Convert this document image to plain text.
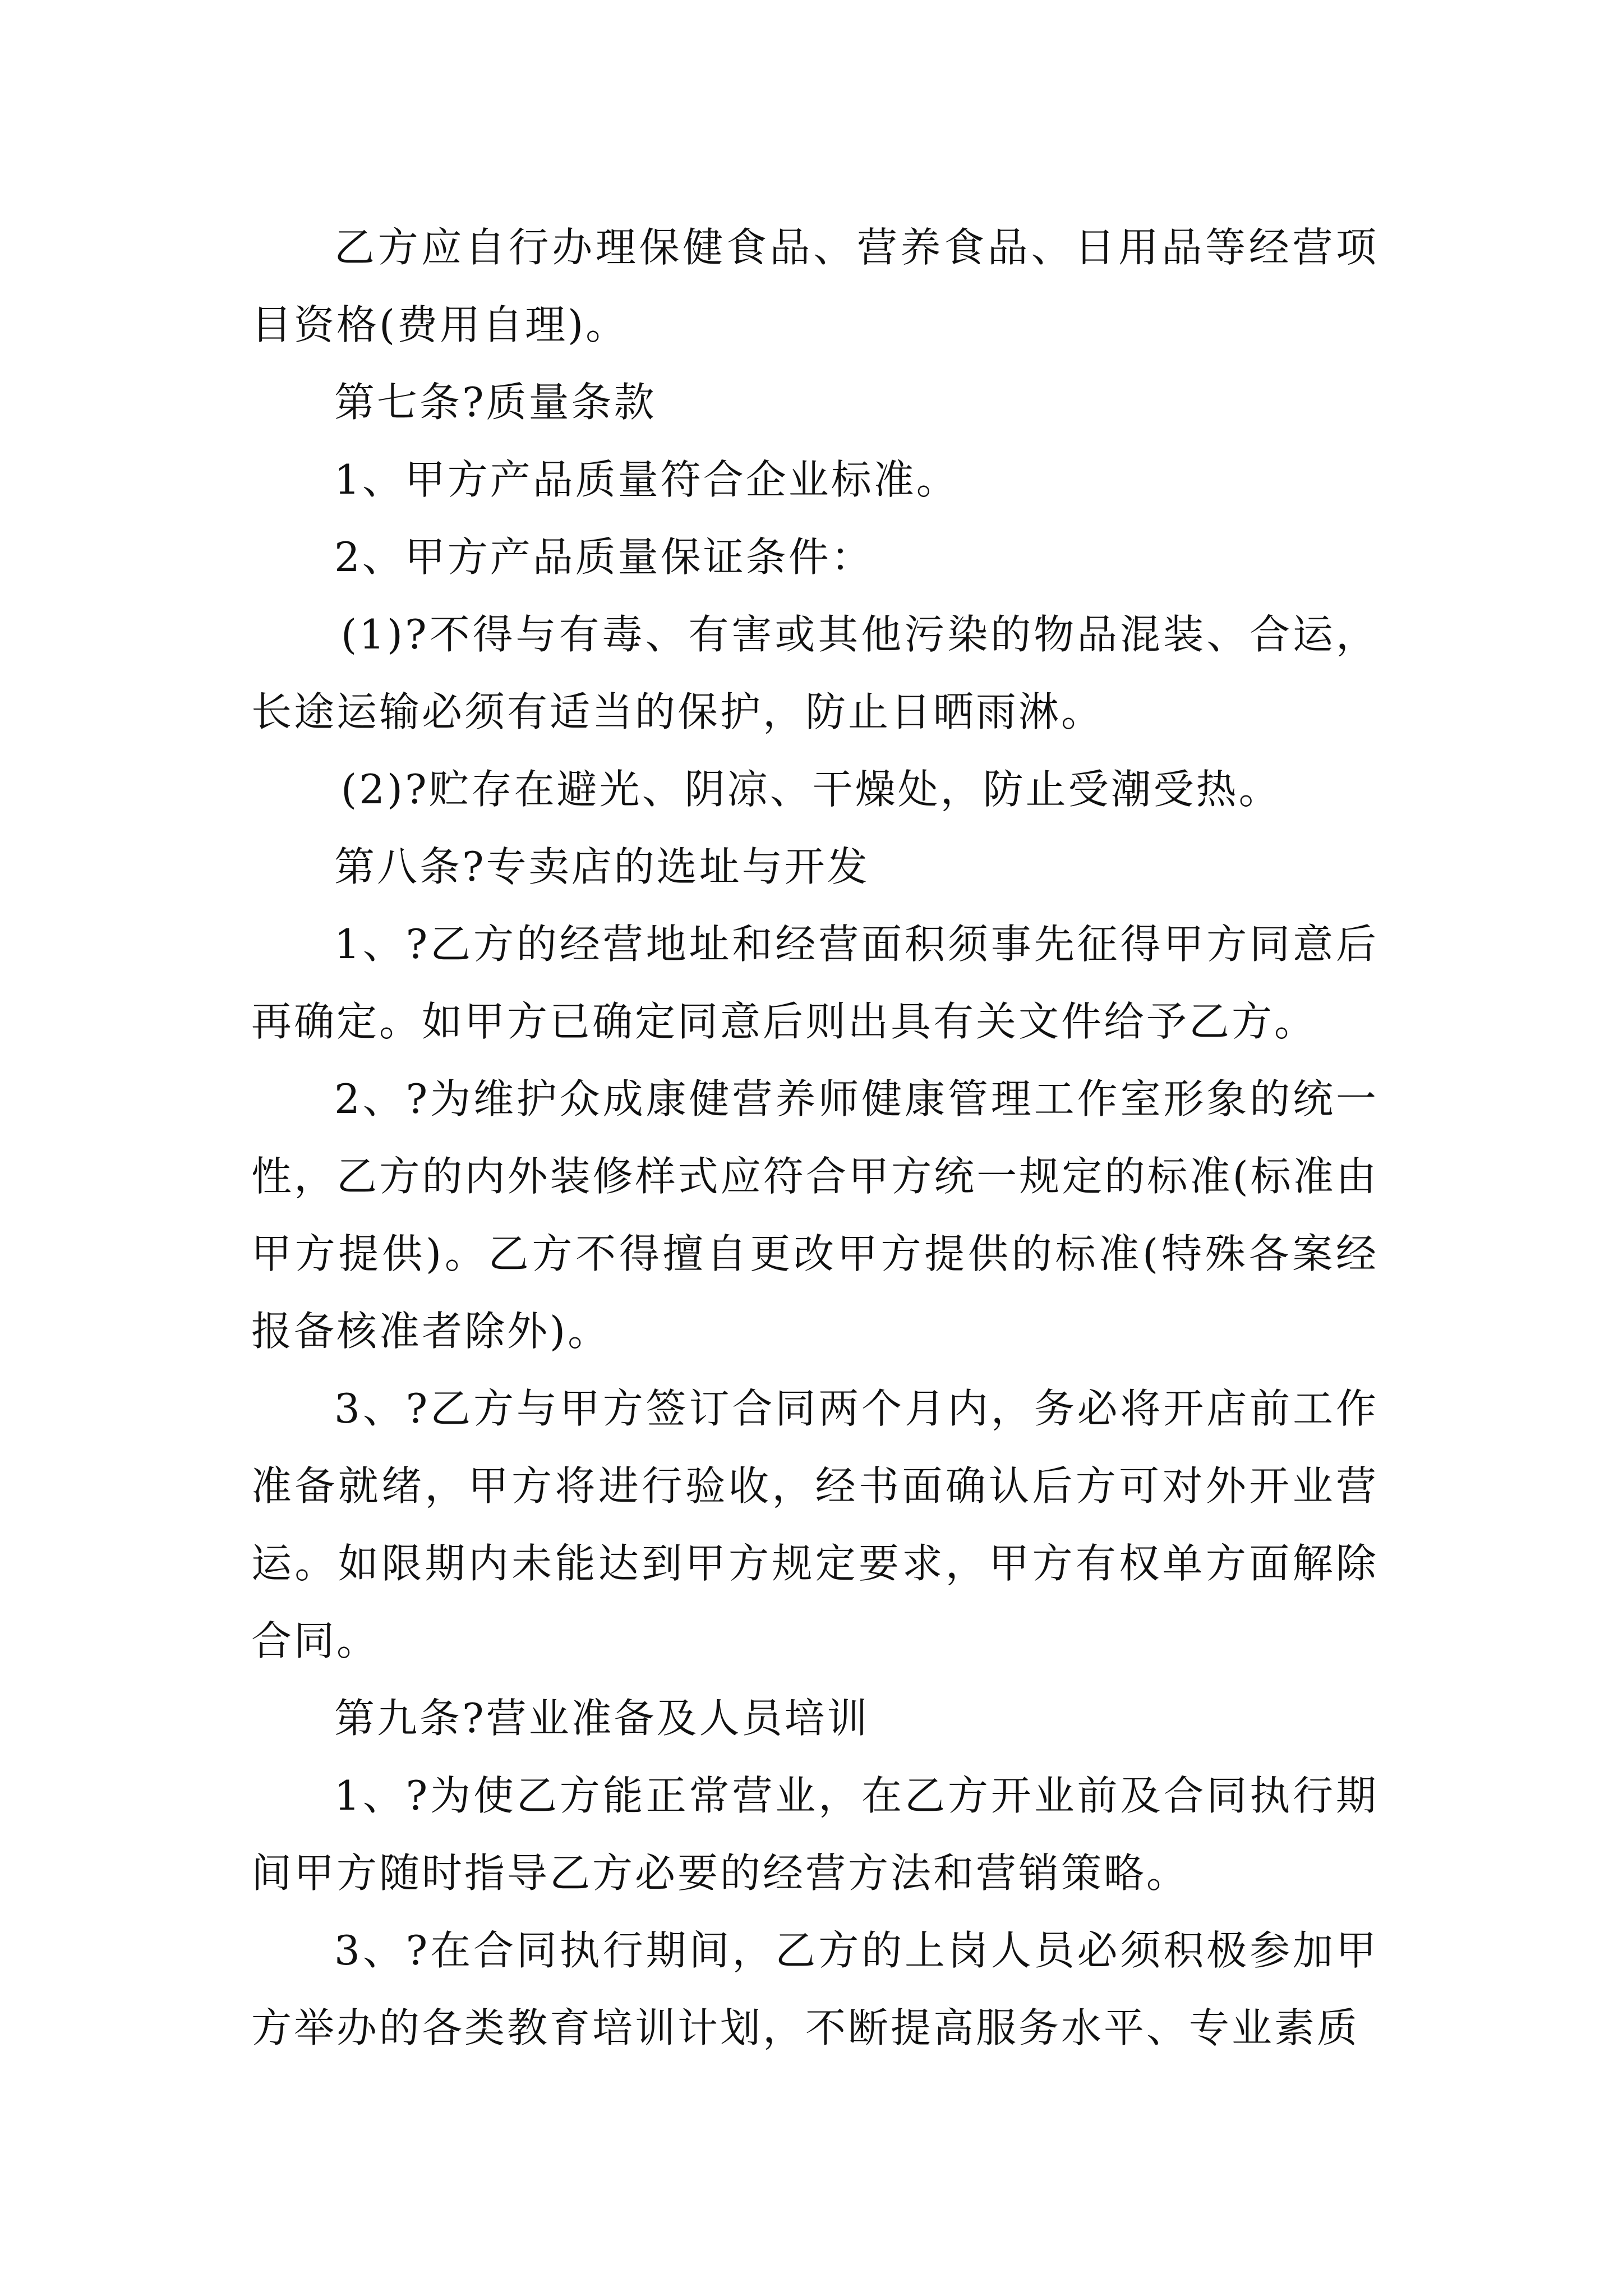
乙方应自行办理保健食品、营养食品、日用品等经营项目资格(费用自理)。

第七条?质量条款

1、甲方产品质量符合企业标准。

2、甲方产品质量保证条件：

(1)?不得与有毒、有害或其他污染的物品混装、合运，长途运输必须有适当的保护，防止日晒雨淋。

(2)?贮存在避光、阴凉、干燥处，防止受潮受热。

第八条?专卖店的选址与开发

1、?乙方的经营地址和经营面积须事先征得甲方同意后再确定。如甲方已确定同意后则出具有关文件给予乙方。

2、?为维护众成康健营养师健康管理工作室形象的统一性，乙方的内外装修样式应符合甲方统一规定的标准(标准由甲方提供)。乙方不得擅自更改甲方提供的标准(特殊各案经报备核准者除外)。

3、?乙方与甲方签订合同两个月内，务必将开店前工作准备就绪，甲方将进行验收，经书面确认后方可对外开业营运。如限期内未能达到甲方规定要求，甲方有权单方面解除合同。

第九条?营业准备及人员培训

1、?为使乙方能正常营业，在乙方开业前及合同执行期间甲方随时指导乙方必要的经营方法和营销策略。

3、?在合同执行期间，乙方的上岗人员必须积极参加甲方举办的各类教育培训计划，不断提高服务水平、专业素质
